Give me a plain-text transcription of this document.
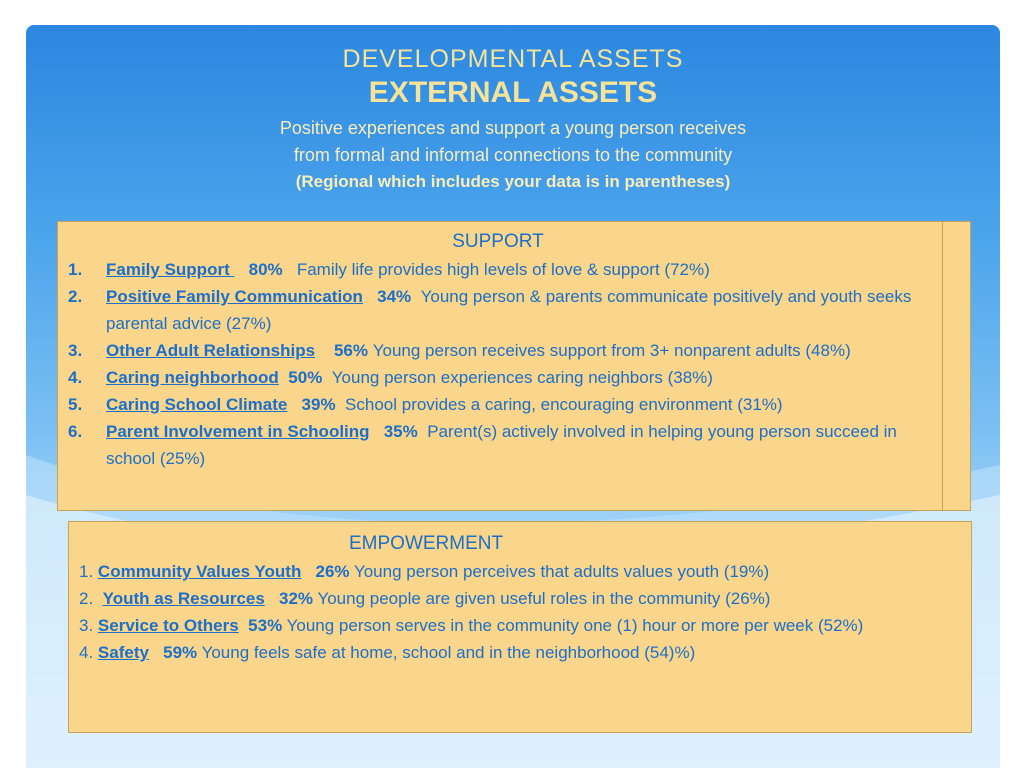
DEVELOPMENTAL ASSETS
EXTERNAL ASSETS
Positive experiences and support a young person receives
from formal and informal connections to the community
(Regional which includes your data is in parentheses)
SUPPORT
1.	Family Support    80% Family life provides high levels of love & support (72%)
2.	Positive Family Communication 34% Young person & parents communicate positively and youth seeks parental advice (27%)
3.	Other Adult Relationships 56% Young person receives support from 3+ nonparent adults (48%)
4.	Caring neighborhood 50% Young person experiences caring neighbors (38%)
5.	Caring School Climate 39% School provides a caring, encouraging environment (31%)
6.	Parent Involvement in Schooling 35% Parent(s) actively involved in helping young person succeed in school (25%)
EMPOWERMENT
1. Community Values Youth 26% Young person perceives that adults values youth (19%)
2. Youth as Resources 32% Young people are given useful roles in the community (26%)
3. Service to Others 53% Young person serves in the community one (1) hour or more per week (52%)
4. Safety 59% Young feels safe at home, school and in the neighborhood (54)%)
